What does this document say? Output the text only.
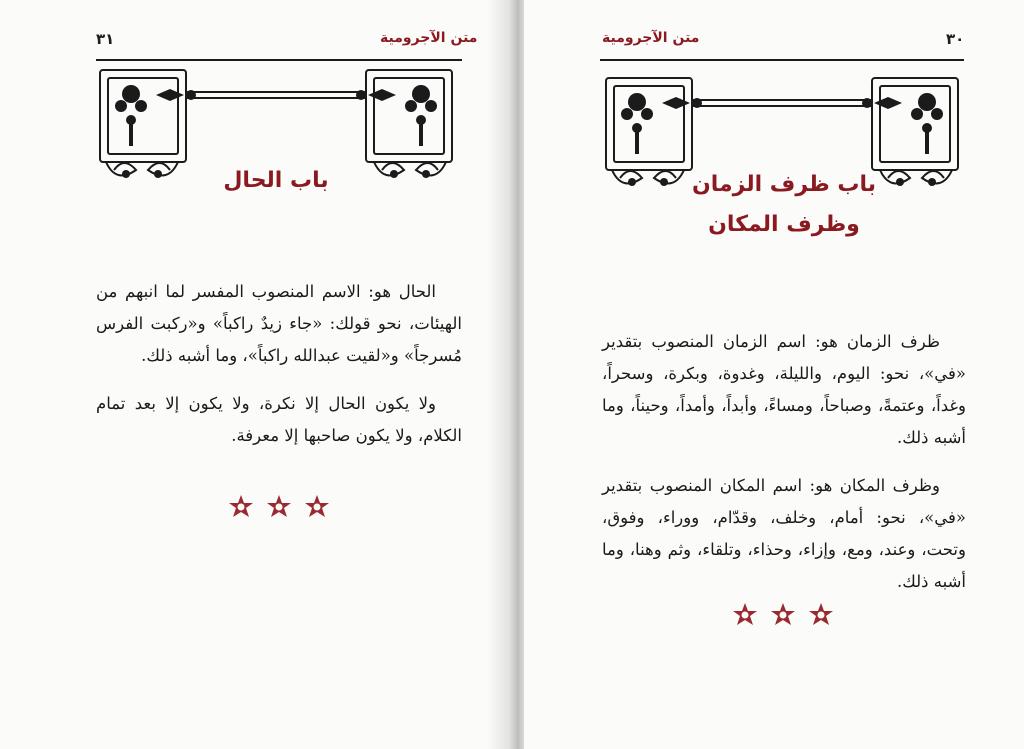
٣١	متن الآجرومية
باب الحال

الحال هو: الاسم المنصوب المفسر لما انبهم من الهيئات، نحو قولك: «جاء زيدٌ راكباً» و«ركبت الفرس مُسرجاً» و«لقيت عبدالله راكباً»، وما أشبه ذلك.

ولا يكون الحال إلا نكرة، ولا يكون إلا بعد تمام الكلام، ولا يكون صاحبها إلا معرفة.

متن الآجرومية	٣٠
باب ظرف الزمان
وظرف المكان

ظرف الزمان هو: اسم الزمان المنصوب بتقدير «في»، نحو: اليوم، والليلة، وغدوة، وبكرة، وسحراً، وغداً، وعتمةً، وصباحاً، ومساءً، وأبداً، وأمداً، وحيناً، وما أشبه ذلك.

وظرف المكان هو: اسم المكان المنصوب بتقدير «في»، نحو: أمام، وخلف، وقدّام، ووراء، وفوق، وتحت، وعند، ومع، وإزاء، وحذاء، وتلقاء، وثم وهنا، وما أشبه ذلك.
